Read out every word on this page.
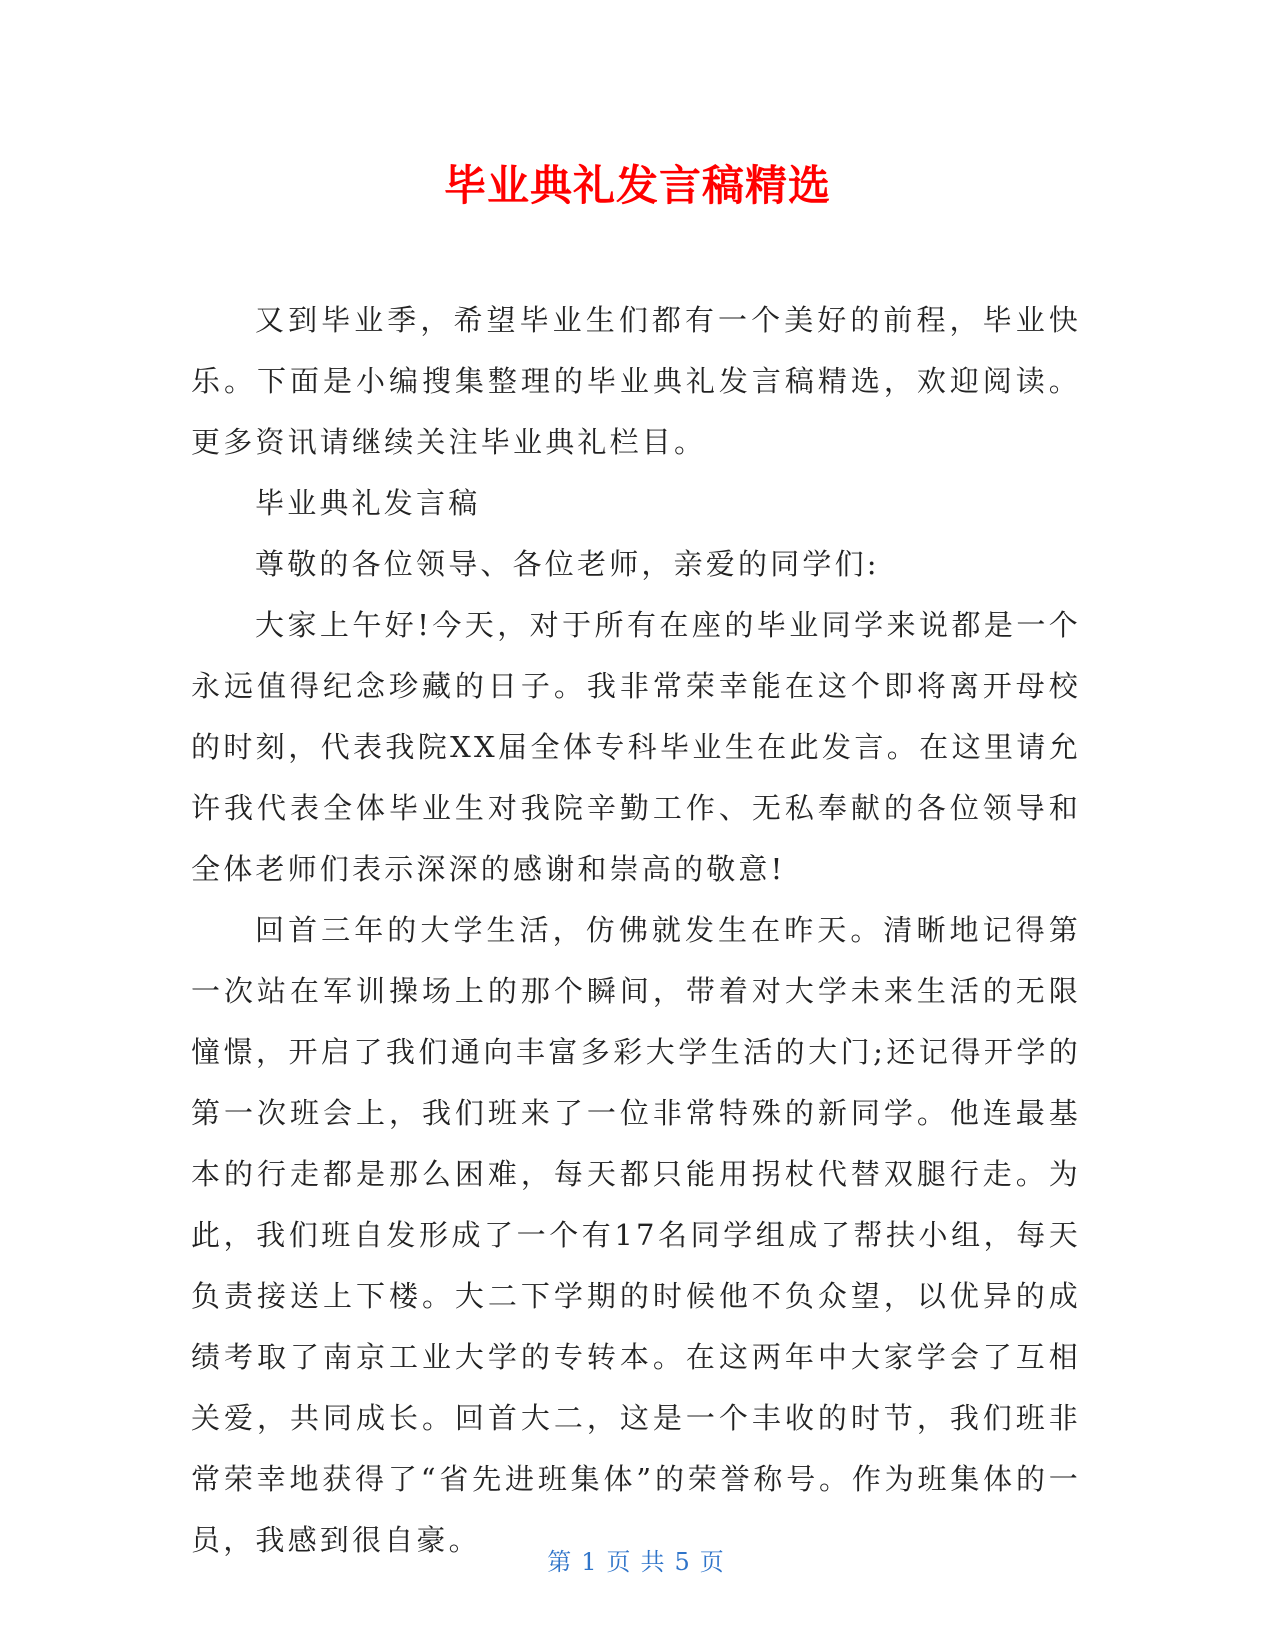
毕业典礼发言稿精选

又到毕业季，希望毕业生们都有一个美好的前程，毕业快乐。下面是小编搜集整理的毕业典礼发言稿精选，欢迎阅读。更多资讯请继续关注毕业典礼栏目。

毕业典礼发言稿

尊敬的各位领导、各位老师，亲爱的同学们:

大家上午好!今天，对于所有在座的毕业同学来说都是一个永远值得纪念珍藏的日子。我非常荣幸能在这个即将离开母校的时刻，代表我院XX届全体专科毕业生在此发言。在这里请允许我代表全体毕业生对我院辛勤工作、无私奉献的各位领导和全体老师们表示深深的感谢和崇高的敬意!

回首三年的大学生活，仿佛就发生在昨天。清晰地记得第一次站在军训操场上的那个瞬间，带着对大学未来生活的无限憧憬，开启了我们通向丰富多彩大学生活的大门;还记得开学的第一次班会上，我们班来了一位非常特殊的新同学。他连最基本的行走都是那么困难，每天都只能用拐杖代替双腿行走。为此，我们班自发形成了一个有17名同学组成了帮扶小组，每天负责接送上下楼。大二下学期的时候他不负众望，以优异的成绩考取了南京工业大学的专转本。在这两年中大家学会了互相关爱，共同成长。回首大二，这是一个丰收的时节，我们班非常荣幸地获得了“省先进班集体”的荣誉称号。作为班集体的一员，我感到很自豪。

第 1 页 共 5 页
